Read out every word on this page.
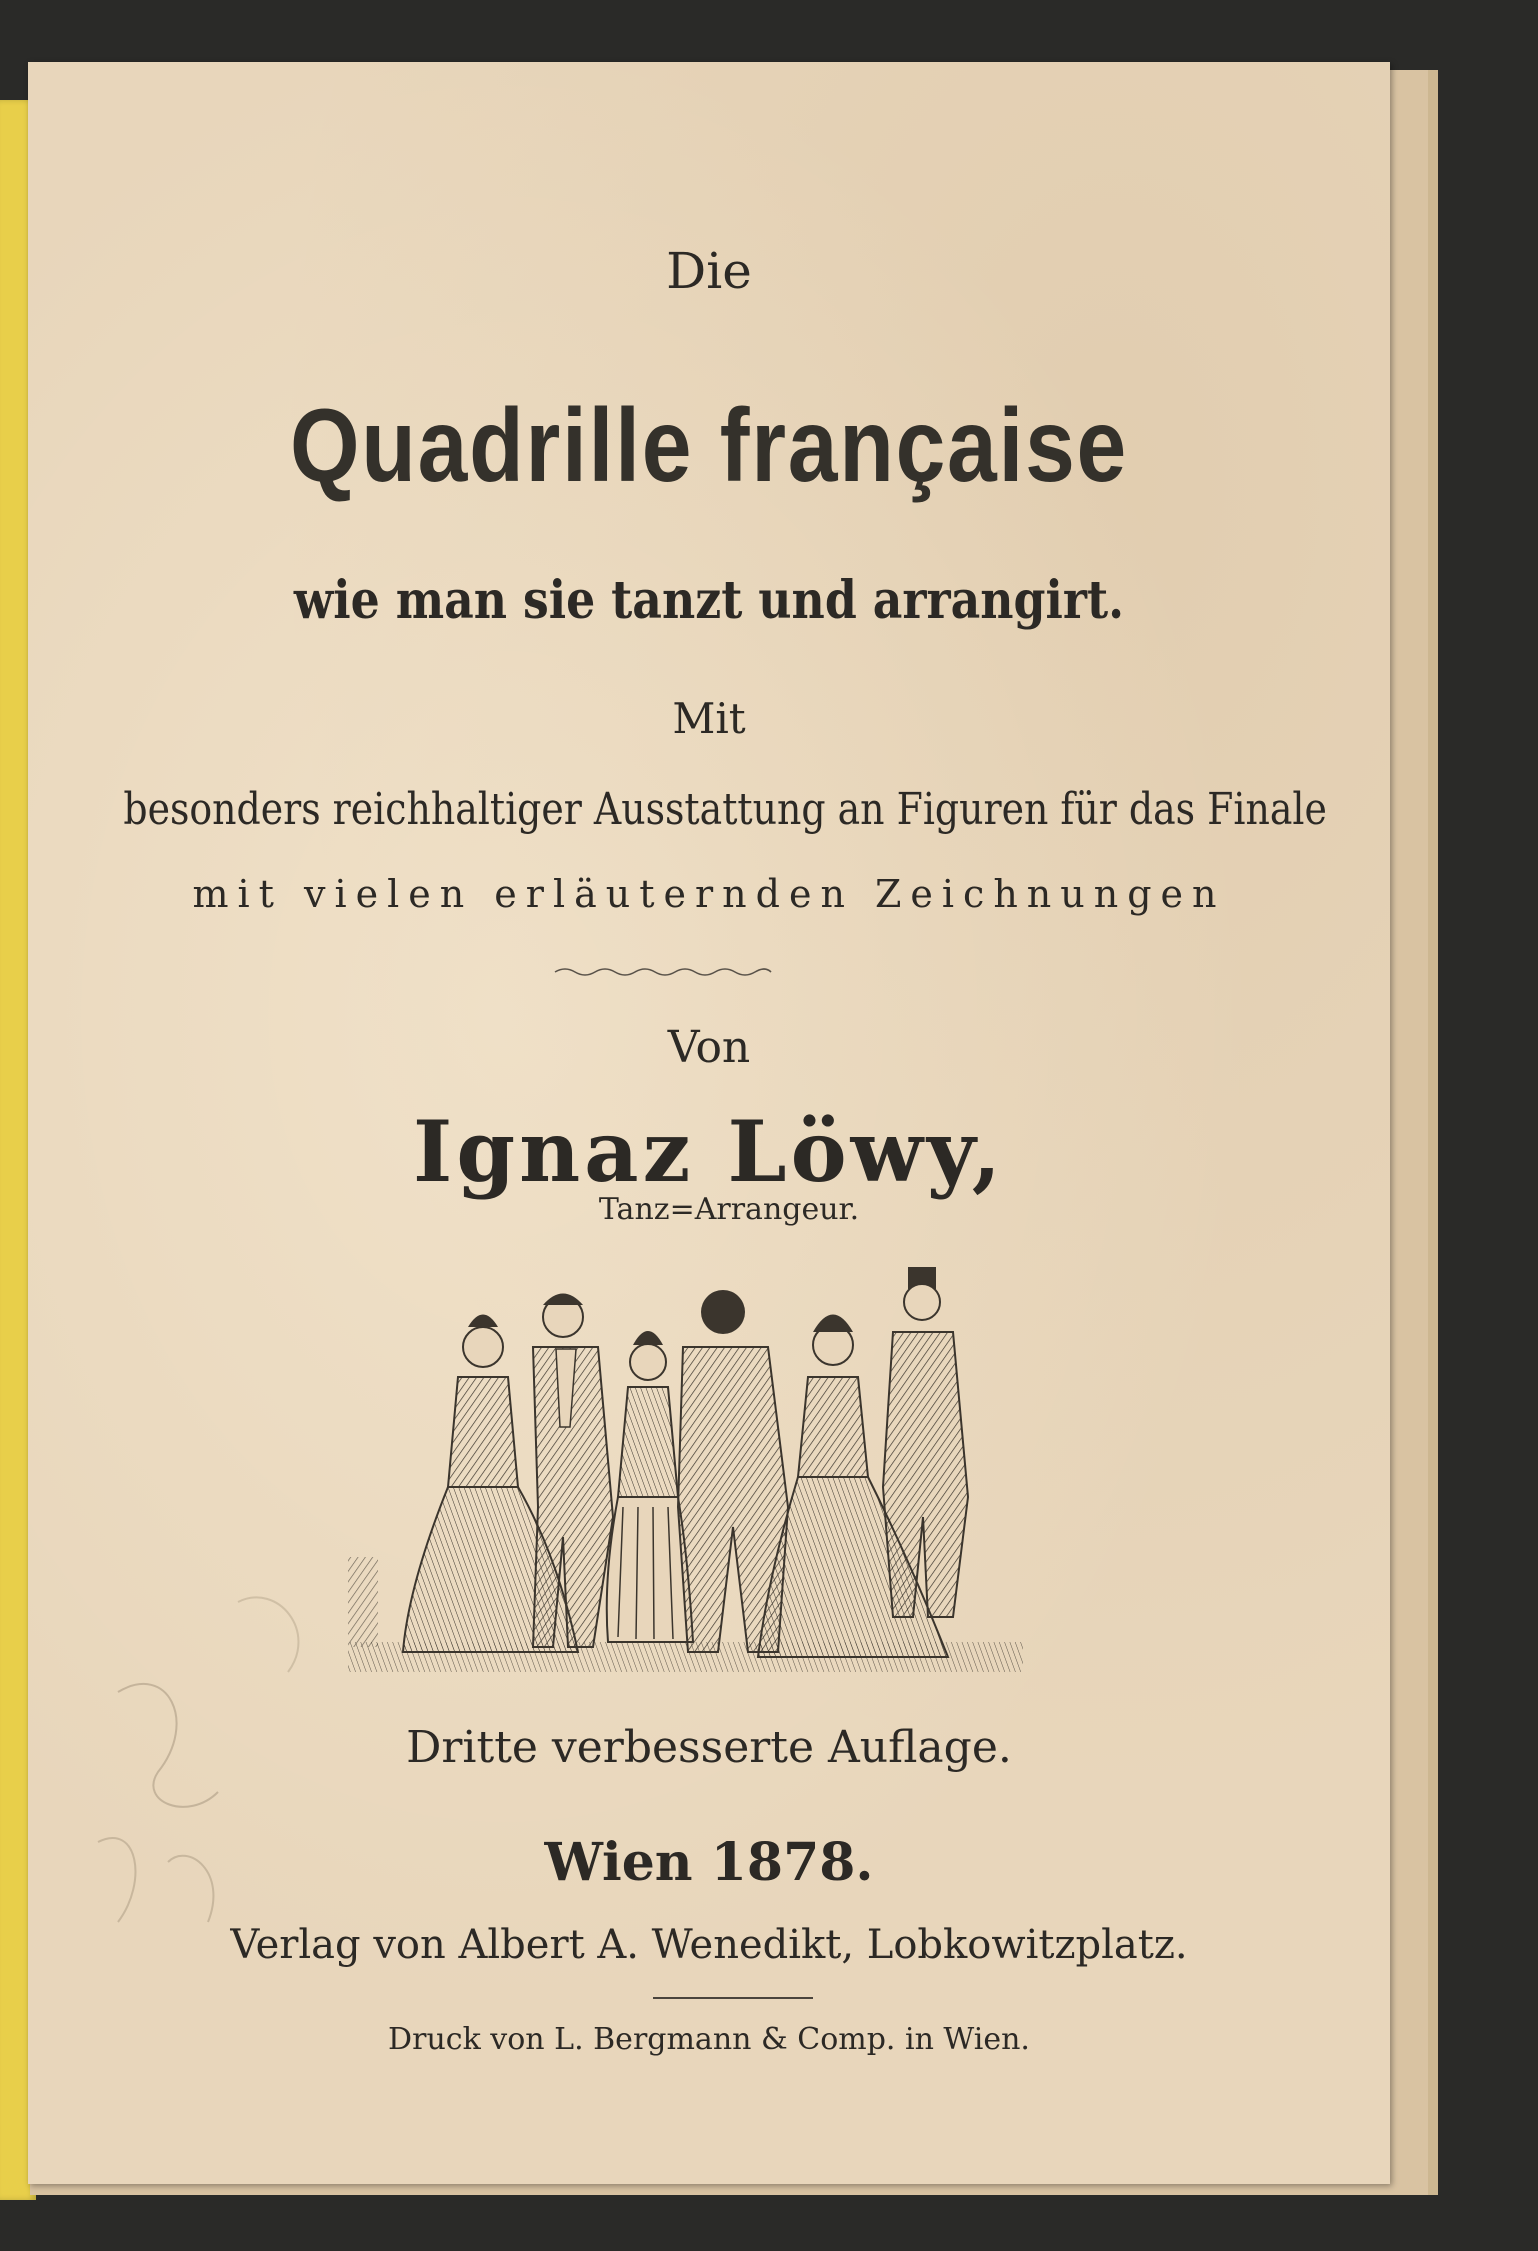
Die
Quadrille française
wie man sie tanzt und arrangirt.
Mit
besonders reichhaltiger Ausstattung an Figuren für das Finale
mit vielen erläuternden Zeichnungen
Von
Ignaz Löwy,
Tanz=Arrangeur.
Dritte verbesserte Auflage.
Wien 1878.
Verlag von Albert A. Wenedikt, Lobkowitzplatz.
Druck von L. Bergmann & Comp. in Wien.
